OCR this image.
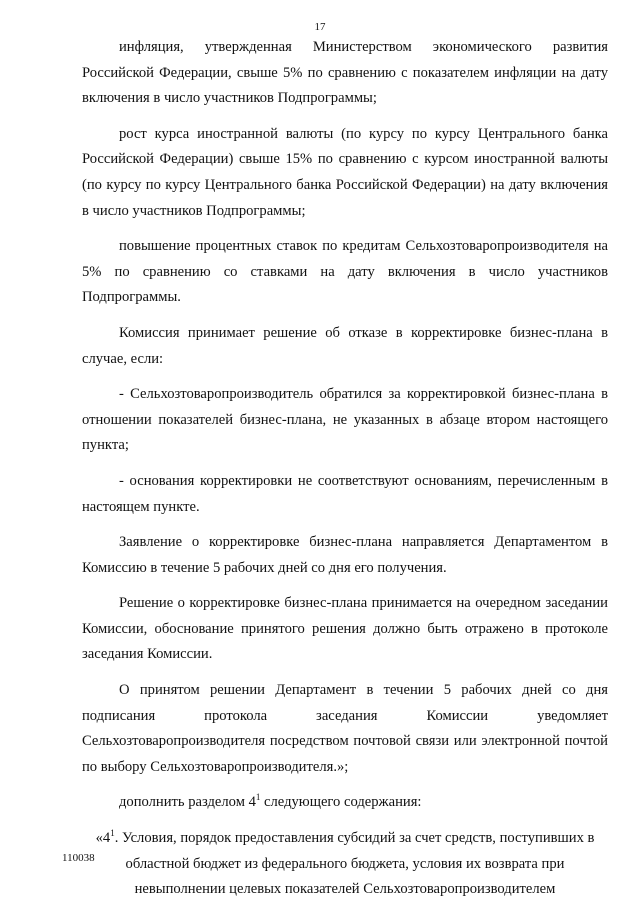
17

инфляция, утвержденная Министерством экономического развития Российской Федерации, свыше 5% по сравнению с показателем инфляции на дату включения в число участников Подпрограммы;

рост курса иностранной валюты (по курсу по курсу Центрального банка Российской Федерации) свыше 15% по сравнению с курсом иностранной валюты (по курсу по курсу Центрального банка Российской Федерации) на дату включения в число участников Подпрограммы;

повышение процентных ставок по кредитам Сельхозтоваропроизводителя на 5% по сравнению со ставками на дату включения в число участников Подпрограммы.

Комиссия принимает решение об отказе в корректировке бизнес-плана в случае, если:

- Сельхозтоваропроизводитель обратился за корректировкой бизнес-плана в отношении показателей бизнес-плана, не указанных в абзаце втором настоящего пункта;

- основания корректировки не соответствуют основаниям, перечисленным в настоящем пункте.

Заявление о корректировке бизнес-плана направляется Департаментом в Комиссию в течение 5 рабочих дней со дня его получения.

Решение о корректировке бизнес-плана принимается на очередном заседании Комиссии, обоснование принятого решения должно быть отражено в протоколе заседания Комиссии.

О принятом решении Департамент в течении 5 рабочих дней со дня подписания протокола заседания Комиссии уведомляет Сельхозтоваропроизводителя посредством почтовой связи или электронной почтой по выбору Сельхозтоваропроизводителя.»;

дополнить разделом $4^1$ следующего содержания:

«$4^1$. Условия, порядок предоставления субсидий за счет средств, поступивших в областной бюджет из федерального бюджета, условия их возврата при невыполнении целевых показателей Сельхозтоваропроизводителем

110038
